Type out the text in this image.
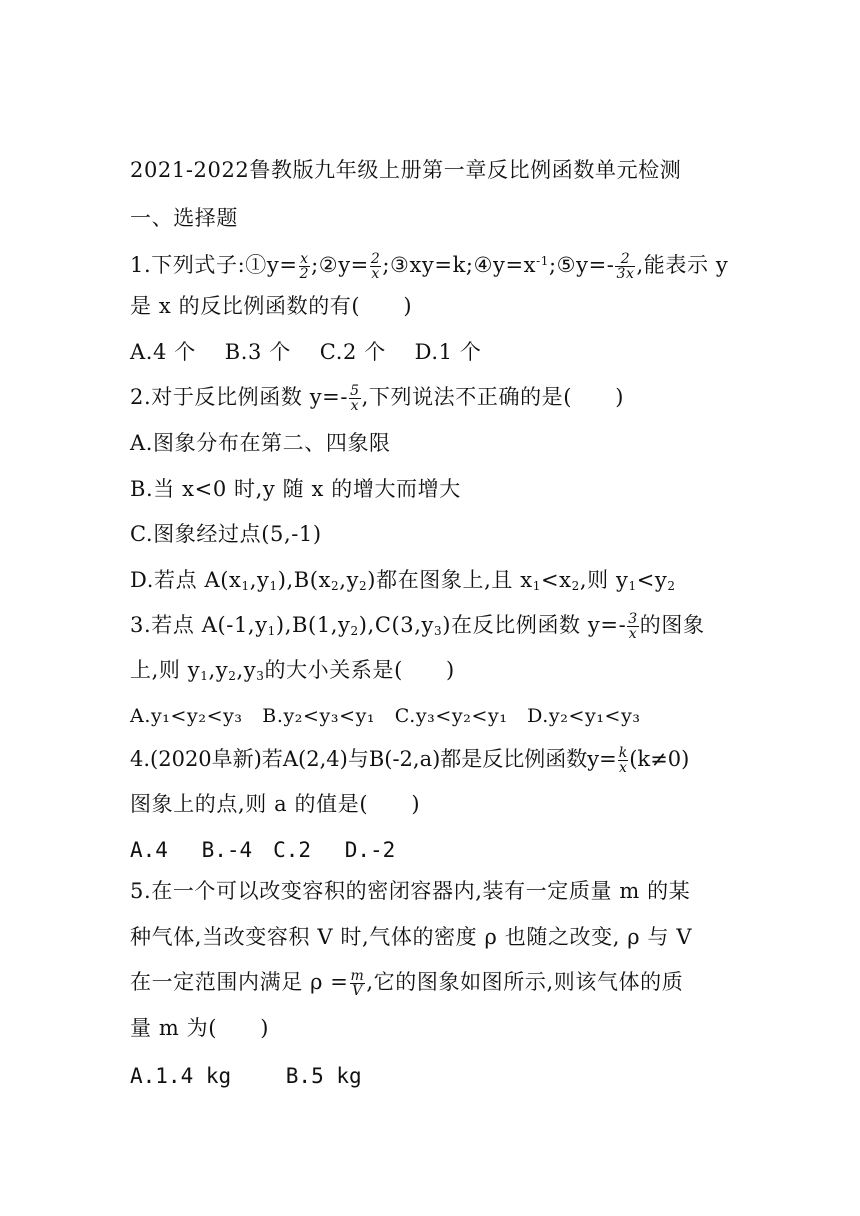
2021-2022鲁教版九年级上册第一章反比例函数单元检测
一、选择题
1.下列式子:①y= $\frac{x}{2}$ ;②y= $\frac{2}{x}$ $;③xy=k;④y=x^{-1};⑤y=- \frac{2}{3x}$ ,能表示 y
是 x 的反比例函数的有(　　)
A.4 个　 B.3 个　 C.2 个　 D.1 个
2.对于反比例函数 $y=- \frac{5}{x}$ ,下列说法不正确的是(　　)
A.图象分布在第二、四象限
B.当 x<0 时,y 随 x 的增大而增大
C.图象经过点(5,-1)
D.若点 $A(x_1,y_1),B(x_2,y_2)$都在图象上,且 $x_1<x_2$,则 $y_1<y_2$
3.若点 $A(-1,y_1),B(1,y_2),C(3,y_3)$在反比例函数 $y=- \frac{3}{x}$ 的图象
上,则 $y_1,y_2,y_3$的大小关系是(　　)
A.y₁<y₂<y₃　B.y₂<y₃<y₁　C.y₃<y₂<y₁　D.y₂<y₁<y₃
4.(2020阜新)若A(2,4)与B(-2,a)都是反比例函数$y= \frac{k}{x} (k\ne 0)$
图象上的点,则 a 的值是(　　)
A.4　 B.-4　C.2　 D.-2
5.在一个可以改变容积的密闭容器内,装有一定质量 m 的某
种气体,当改变容积 V 时,气体的密度 ρ 也随之改变, ρ 与 V
在一定范围内满足 $\rho = \frac{m}{V}$ ,它的图象如图所示,则该气体的质
量 m 为(　　)
A.1.4 kg　　 B.5 kg
